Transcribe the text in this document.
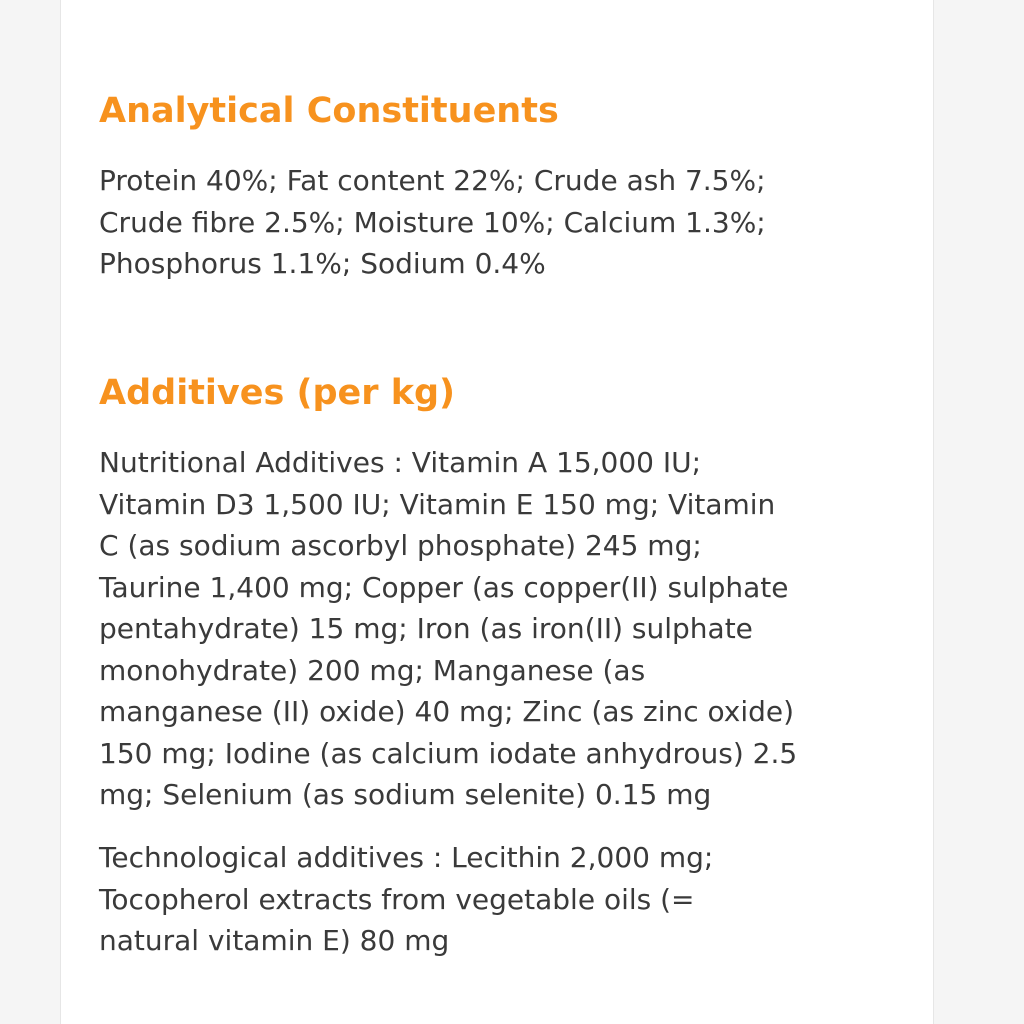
Analytical Constituents

Protein 40%; Fat content 22%; Crude ash 7.5%;
Crude fibre 2.5%; Moisture 10%; Calcium 1.3%;
Phosphorus 1.1%; Sodium 0.4%

Additives (per kg)

Nutritional Additives : Vitamin A 15,000 IU;
Vitamin D3 1,500 IU; Vitamin E 150 mg; Vitamin
C (as sodium ascorbyl phosphate) 245 mg;
Taurine 1,400 mg; Copper (as copper(II) sulphate
pentahydrate) 15 mg; Iron (as iron(II) sulphate
monohydrate) 200 mg; Manganese (as
manganese (II) oxide) 40 mg; Zinc (as zinc oxide)
150 mg; Iodine (as calcium iodate anhydrous) 2.5
mg; Selenium (as sodium selenite) 0.15 mg

Technological additives : Lecithin 2,000 mg;
Tocopherol extracts from vegetable oils (=
natural vitamin E) 80 mg
